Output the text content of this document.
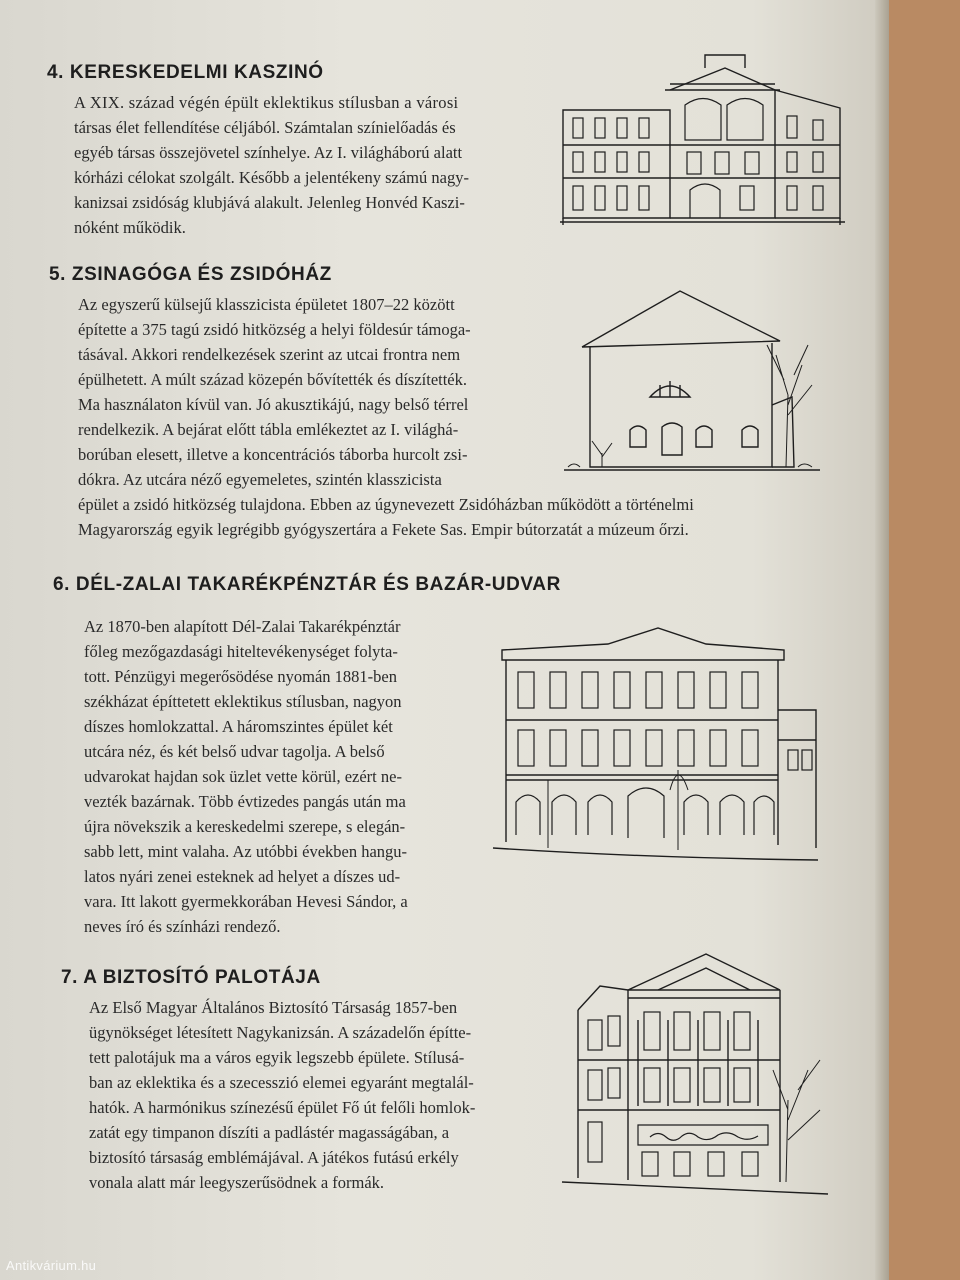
4. KERESKEDELMI KASZINÓ
A XIX. század végén épült eklektikus stílusban a városi
társas élet fellendítése céljából. Számtalan színielőadás és
egyéb társas összejövetel színhelye. Az I. világháború alatt
kórházi célokat szolgált. Később a jelentékeny számú nagy-
kanizsai zsidóság klubjává alakult. Jelenleg Honvéd Kaszi-
nóként működik.
5. ZSINAGÓGA ÉS ZSIDÓHÁZ
Az egyszerű külsejű klasszicista épületet 1807–22 között
építette a 375 tagú zsidó hitközség a helyi földesúr támoga-
tásával. Akkori rendelkezések szerint az utcai frontra nem
épülhetett. A múlt század közepén bővítették és díszítették.
Ma használaton kívül van. Jó akusztikájú, nagy belső térrel
rendelkezik. A bejárat előtt tábla emlékeztet az I. világhá-
borúban elesett, illetve a koncentrációs táborba hurcolt zsi-
dókra. Az utcára néző egyemeletes, szintén klasszicista
épület a zsidó hitközség tulajdona. Ebben az úgynevezett Zsidóházban működött a történelmi
Magyarország egyik legrégibb gyógyszertára a Fekete Sas. Empir bútorzatát a múzeum őrzi.
6. DÉL-ZALAI TAKARÉKPÉNZTÁR ÉS BAZÁR-UDVAR
Az 1870-ben alapított Dél-Zalai Takarékpénztár
főleg mezőgazdasági hiteltevékenységet folyta-
tott. Pénzügyi megerősödése nyomán 1881-ben
székházat építtetett eklektikus stílusban, nagyon
díszes homlokzattal. A háromszintes épület két
utcára néz, és két belső udvar tagolja. A belső
udvarokat hajdan sok üzlet vette körül, ezért ne-
vezték bazárnak. Több évtizedes pangás után ma
újra növekszik a kereskedelmi szerepe, s elegán-
sabb lett, mint valaha. Az utóbbi években hangu-
latos nyári zenei esteknek ad helyet a díszes ud-
vara. Itt lakott gyermekkorában Hevesi Sándor, a
neves író és színházi rendező.
7. A BIZTOSÍTÓ PALOTÁJA
Az Első Magyar Általános Biztosító Társaság 1857-ben
ügynökséget létesített Nagykanizsán. A századelőn építte-
tett palotájuk ma a város egyik legszebb épülete. Stílusá-
ban az eklektika és a szecesszió elemei egyaránt megtalál-
hatók. A harmónikus színezésű épület Fő út felőli homlok-
zatát egy timpanon díszíti a padlástér magasságában, a
biztosító társaság emblémájával. A játékos futású erkély
vonala alatt már leegyszerűsödnek a formák.
Antikvárium.hu
